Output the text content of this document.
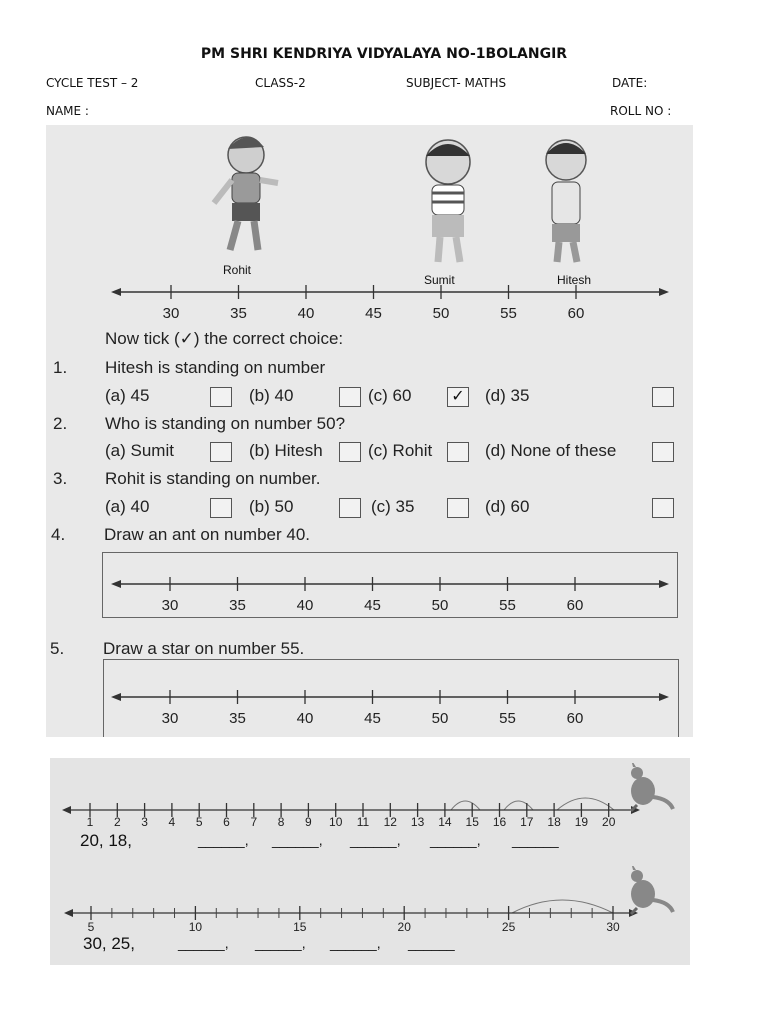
PM SHRI KENDRIYA VIDYALAYA NO-1BOLANGIR
CYCLE TEST – 2	CLASS-2	SUBJECT- MATHS	DATE:
NAME :	ROLL NO :
Rohit
Sumit	Hitesh
30	35	40	45	50	55	60
Now tick (✓) the correct choice:
1. Hitesh is standing on number
(a) 45	(b) 40	(c) 60	(d) 35
✓
2. Who is standing on number 50?
(a) Sumit	(b) Hitesh	(c) Rohit	(d) None of these
3. Rohit is standing on number.
(a) 40	(b) 50	(c) 35	(d) 60
4. Draw an ant on number 40.
30	35	40	45	50	55	60
5. Draw a star on number 55.
30	35	40	45	50	55	60
1 2 3 4 5 6 7 8 9 10 11 12 13 14 15 16 17 18 19 20
20, 18,	______, ______, ______, ______, ______
5	10	15	20	25	30
30, 25,	______, ______, ______, ______
